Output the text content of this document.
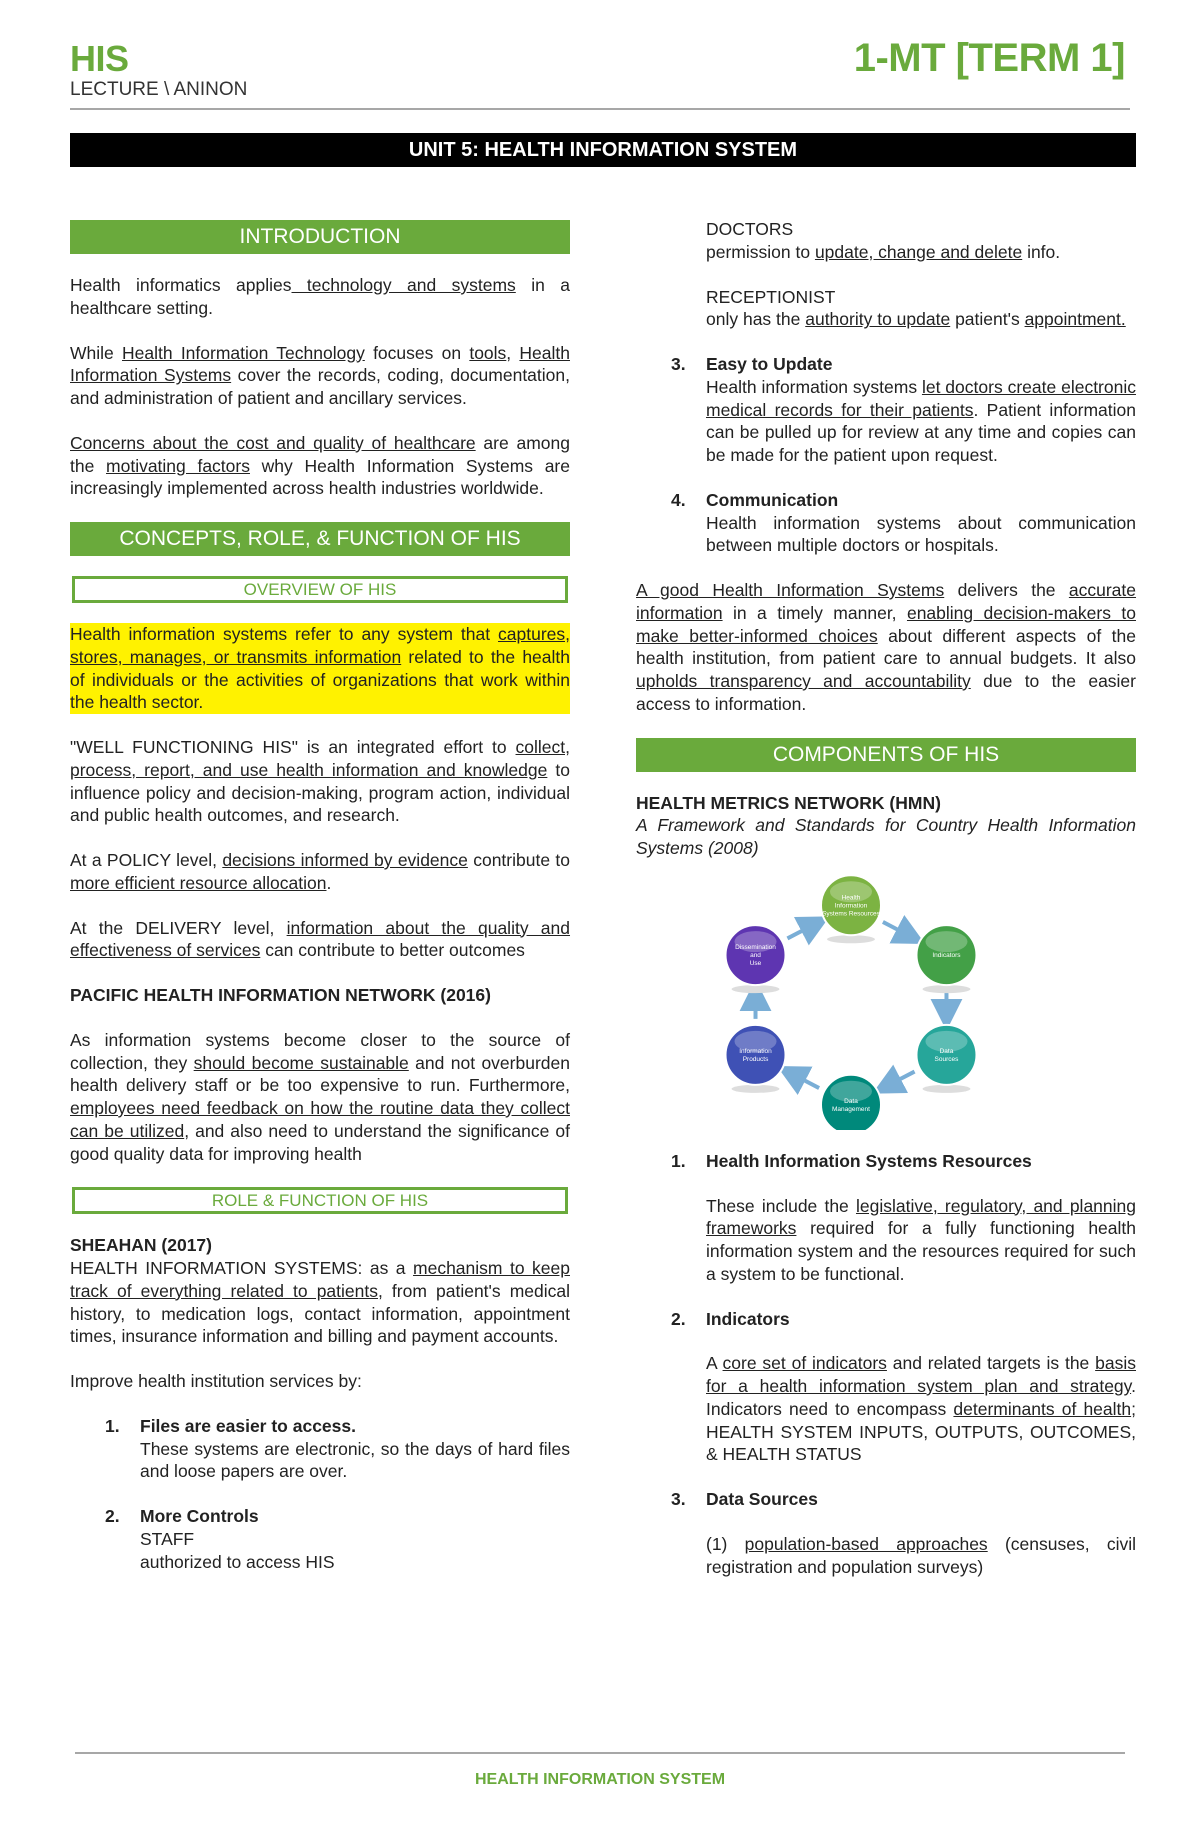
HIS
LECTURE \ ANINON
1-MT [TERM 1]
UNIT 5: HEALTH INFORMATION SYSTEM
INTRODUCTION

Health informatics applies technology and systems in a healthcare setting.

While Health Information Technology focuses on tools, Health Information Systems cover the records, coding, documentation, and administration of patient and ancillary services.

Concerns about the cost and quality of healthcare are among the motivating factors why Health Information Systems are increasingly implemented across health industries worldwide.

CONCEPTS, ROLE, & FUNCTION OF HIS
OVERVIEW OF HIS

Health information systems refer to any system that captures, stores, manages, or transmits information related to the health of individuals or the activities of organizations that work within the health sector.

"WELL FUNCTIONING HIS" is an integrated effort to collect, process, report, and use health information and knowledge to influence policy and decision-making, program action, individual and public health outcomes, and research.

At a POLICY level, decisions informed by evidence contribute to more efficient resource allocation.

At the DELIVERY level, information about the quality and effectiveness of services can contribute to better outcomes

PACIFIC HEALTH INFORMATION NETWORK (2016)

As information systems become closer to the source of collection, they should become sustainable and not overburden health delivery staff or be too expensive to run. Furthermore, employees need feedback on how the routine data they collect can be utilized, and also need to understand the significance of good quality data for improving health

ROLE & FUNCTION OF HIS
SHEAHAN (2017)

HEALTH INFORMATION SYSTEMS: as a mechanism to keep track of everything related to patients, from patient's medical history, to medication logs, contact information, appointment times, insurance information and billing and payment accounts.

Improve health institution services by:

1. Files are easier to access.
These systems are electronic, so the days of hard files and loose papers are over.
2. More Controls
STAFF
authorized to access HIS
DOCTORS
permission to update, change and delete info.
RECEPTIONIST
only has the authority to update patient's appointment.
3. Easy to Update
Health information systems let doctors create electronic medical records for their patients. Patient information can be pulled up for review at any time and copies can be made for the patient upon request.
4. Communication
Health information systems about communication between multiple doctors or hospitals.

A good Health Information Systems delivers the accurate information in a timely manner, enabling decision-makers to make better-informed choices about different aspects of the health institution, from patient care to annual budgets. It also upholds transparency and accountability due to the easier access to information.

COMPONENTS OF HIS
HEALTH METRICS NETWORK (HMN)
A Framework and Standards for Country Health Information Systems (2008)
Health Information Systems Resources
Indicators
Data Sources
Data Management
Information Products
Dissemination and Use
1. Health Information Systems Resources
These include the legislative, regulatory, and planning frameworks required for a fully functioning health information system and the resources required for such a system to be functional.
2. Indicators
A core set of indicators and related targets is the basis for a health information system plan and strategy. Indicators need to encompass determinants of health; HEALTH SYSTEM INPUTS, OUTPUTS, OUTCOMES, & HEALTH STATUS
3. Data Sources
(1) population-based approaches (censuses, civil registration and population surveys)
HEALTH INFORMATION SYSTEM
